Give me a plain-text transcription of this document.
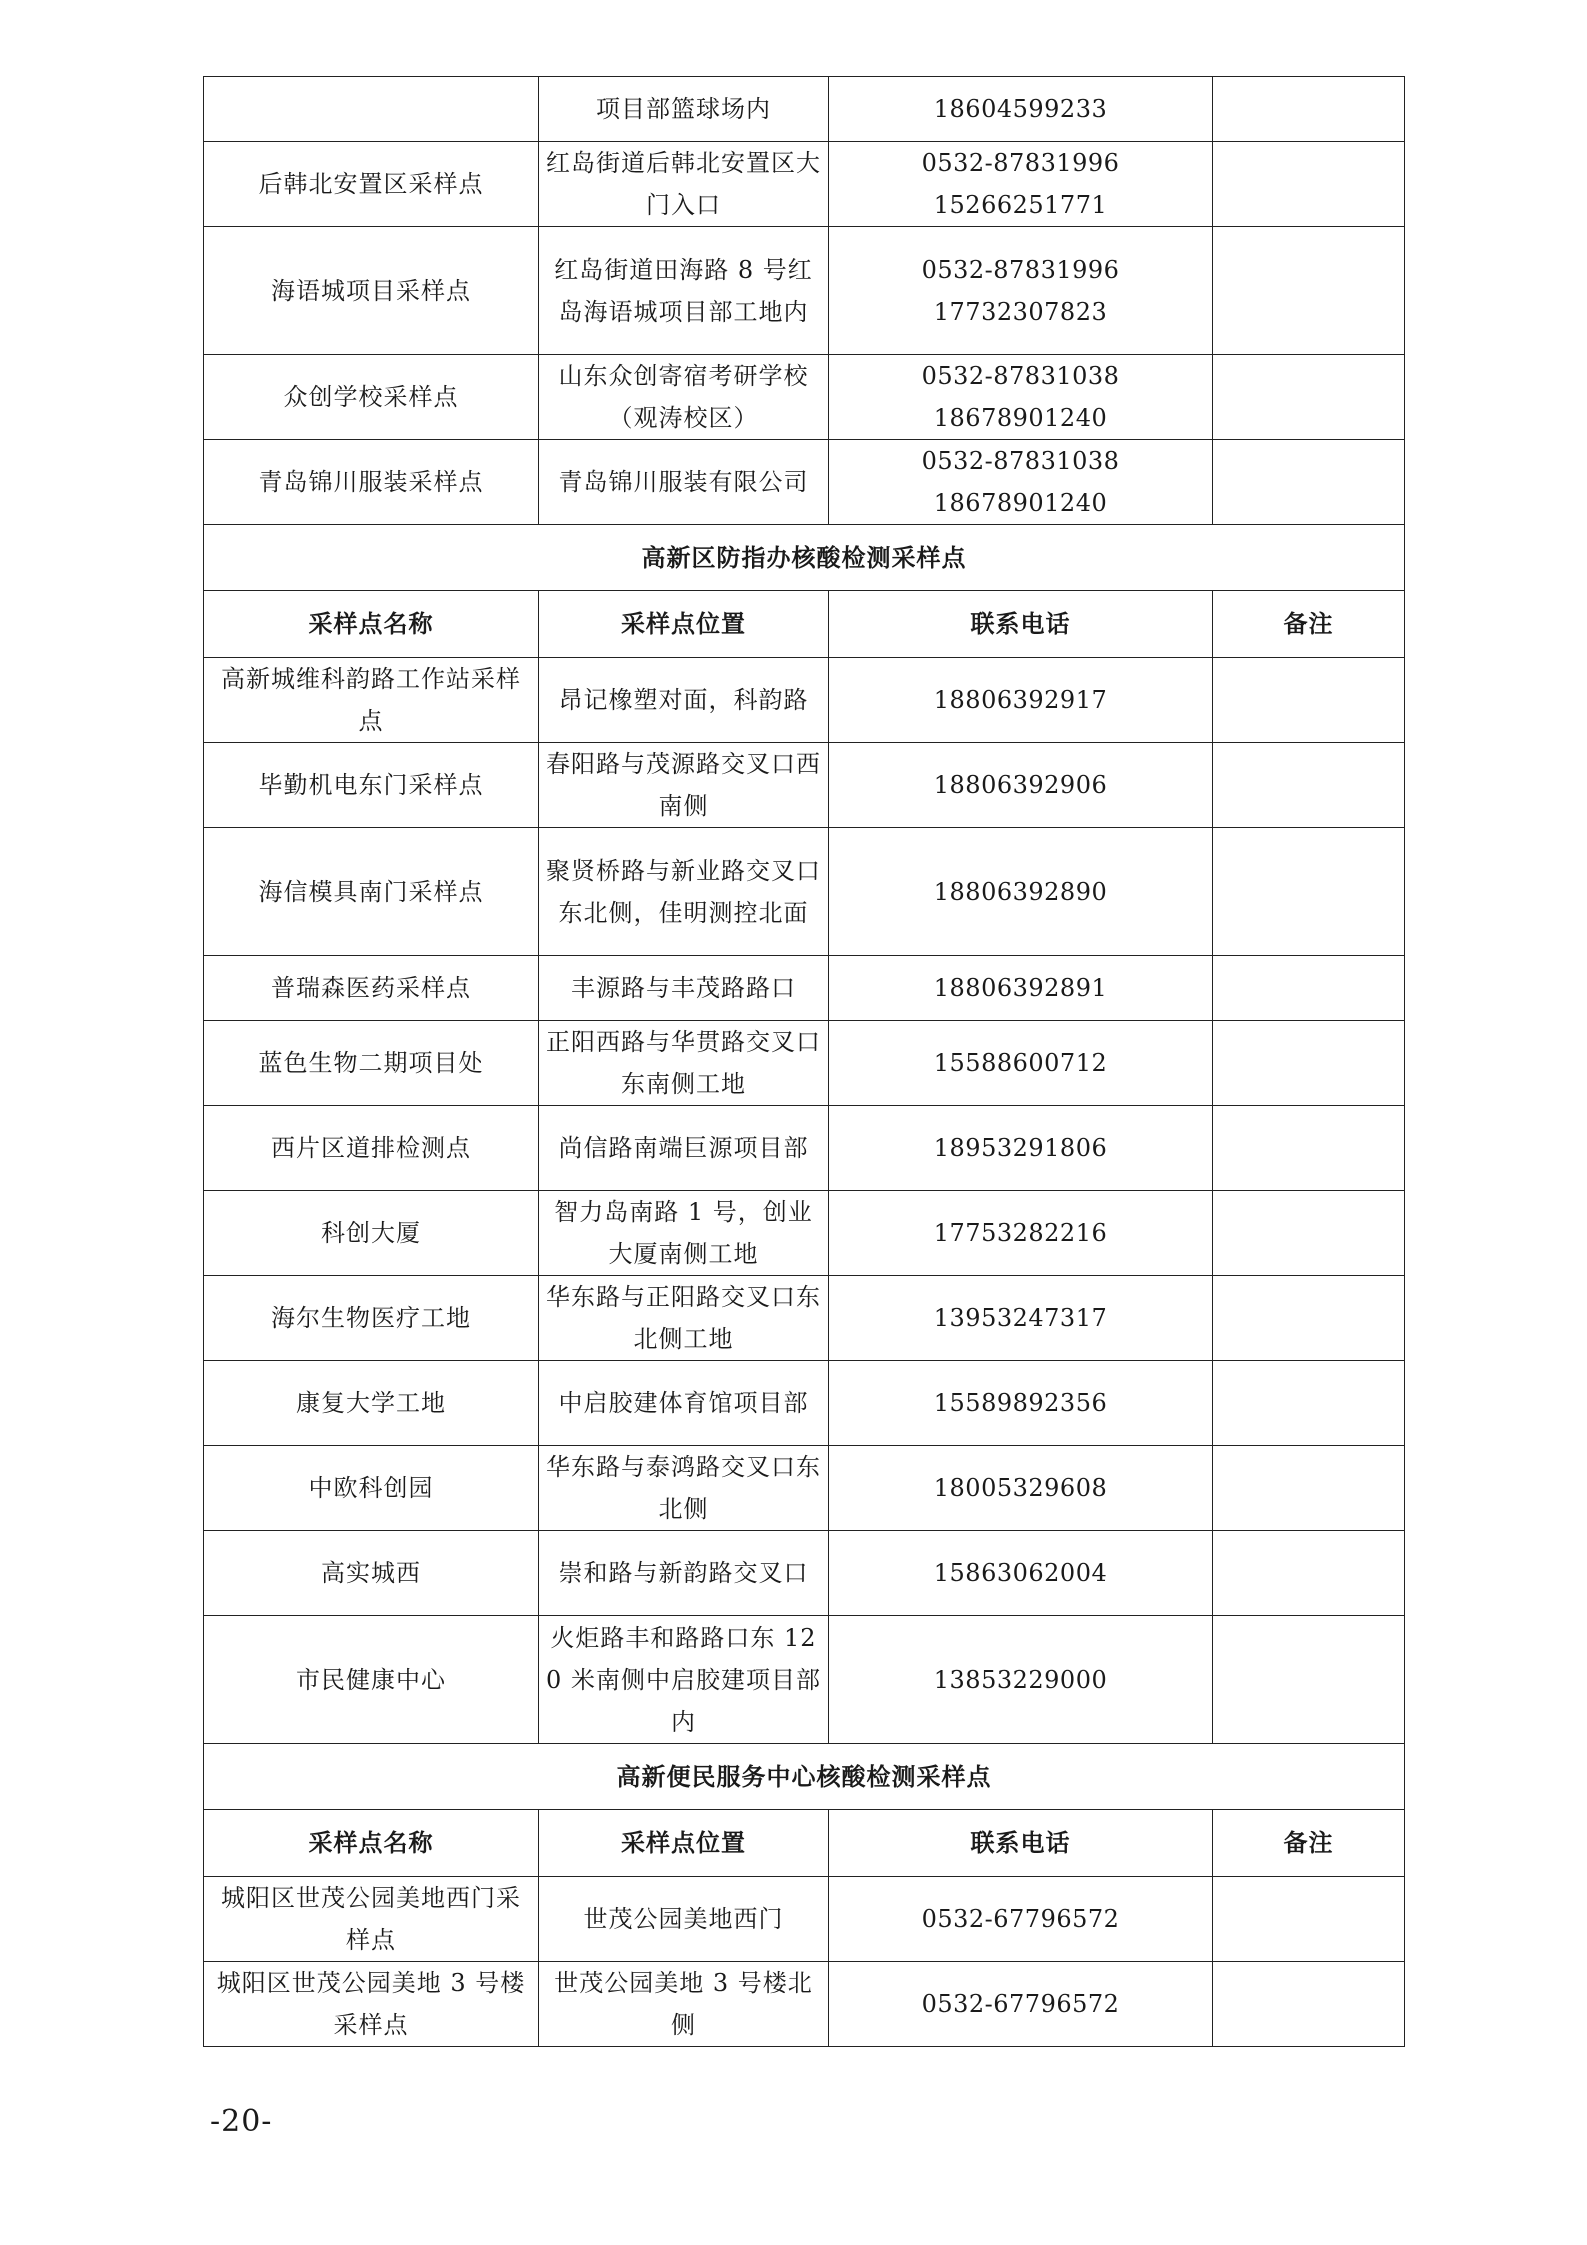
	项目部篮球场内	18604599233	

后韩北安置区采样点	红岛街道后韩北安置区大门入口	0532-87831996
15266251771	

海语城项目采样点	红岛街道田海路 8 号红岛海语城项目部工地内	0532-87831996
17732307823	

众创学校采样点	山东众创寄宿考研学校（观涛校区）	0532-87831038
18678901240	

青岛锦川服装采样点	青岛锦川服装有限公司	0532-87831038
18678901240	

高新区防指办核酸检测采样点			
采样点名称	采样点位置	联系电话	备注
高新城维科韵路工作站采样点	昂记橡塑对面，科韵路	18806392917	

毕勤机电东门采样点	春阳路与茂源路交叉口西南侧	18806392906	

海信模具南门采样点	聚贤桥路与新业路交叉口东北侧，佳明测控北面	18806392890	

普瑞森医药采样点	丰源路与丰茂路路口	18806392891	

蓝色生物二期项目处	正阳西路与华贯路交叉口东南侧工地	15588600712	

西片区道排检测点	尚信路南端巨源项目部	18953291806	

科创大厦	智力岛南路 1 号，创业大厦南侧工地	17753282216	

海尔生物医疗工地	华东路与正阳路交叉口东北侧工地	13953247317	

康复大学工地	中启胶建体育馆项目部	15589892356	

中欧科创园	华东路与泰鸿路交叉口东北侧	18005329608	

高实城西	崇和路与新韵路交叉口	15863062004	

市民健康中心	火炬路丰和路路口东 120 米南侧中启胶建项目部内	13853229000	

高新便民服务中心核酸检测采样点			
采样点名称	采样点位置	联系电话	备注
城阳区世茂公园美地西门采样点	世茂公园美地西门	0532-67796572	

城阳区世茂公园美地 3 号楼采样点	世茂公园美地 3 号楼北侧	0532-67796572	

-20-
